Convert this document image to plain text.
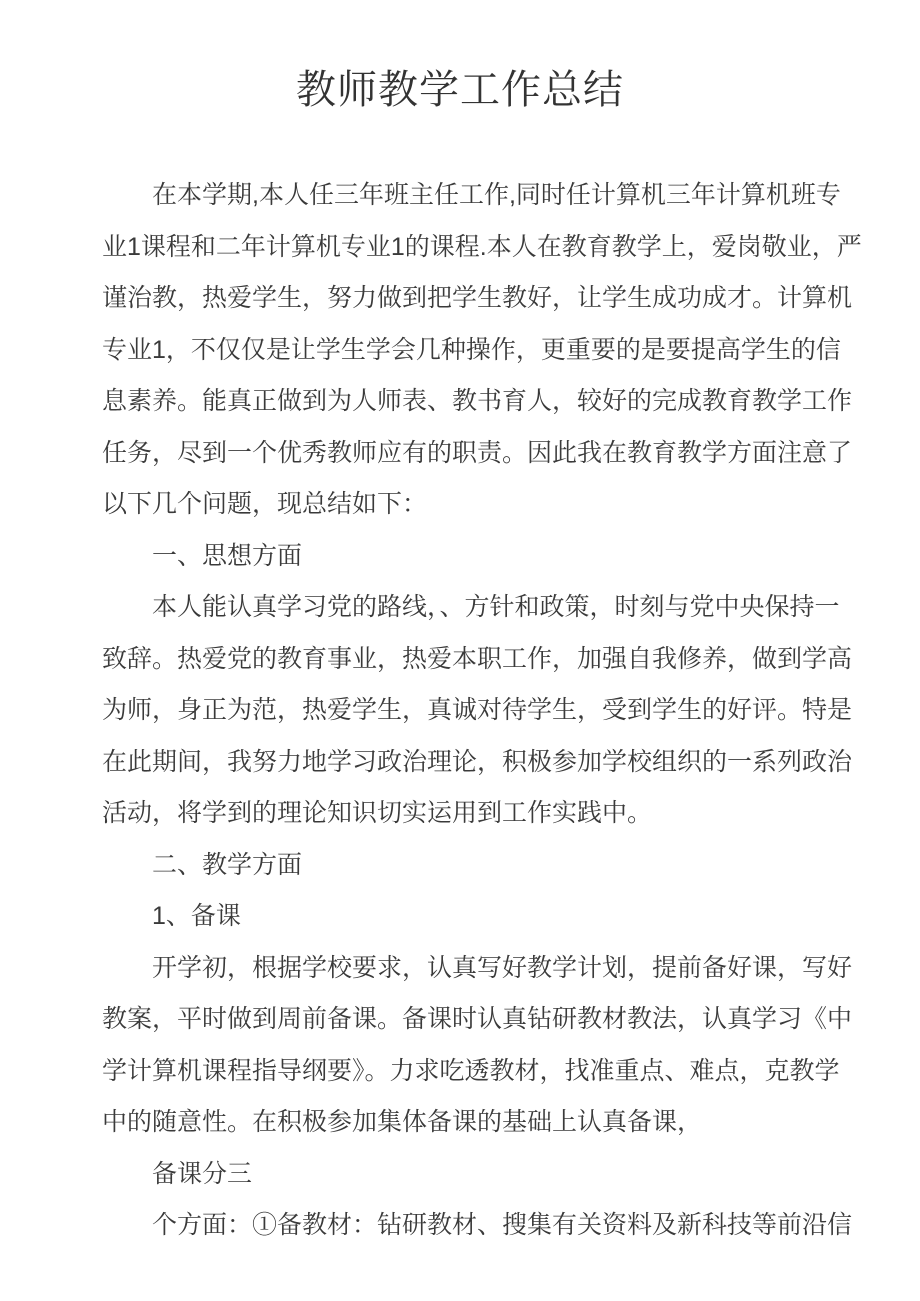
教师教学工作总结
　　在本学期,本人任三年班主任工作,同时任计算机三年计算机班专
业1课程和二年计算机专业1的课程.本人在教育教学上，爱岗敬业，严
谨治教，热爱学生，努力做到把学生教好，让学生成功成才。计算机
专业1，不仅仅是让学生学会几种操作，更重要的是要提高学生的信
息素养。能真正做到为人师表、教书育人，较好的完成教育教学工作
任务，尽到一个优秀教师应有的职责。因此我在教育教学方面注意了
以下几个问题，现总结如下：
　　一、思想方面
　　本人能认真学习党的路线，、方针和政策，时刻与党中央保持一
致辞。热爱党的教育事业，热爱本职工作，加强自我修养，做到学高
为师，身正为范，热爱学生，真诚对待学生，受到学生的好评。特是
在此期间，我努力地学习政治理论，积极参加学校组织的一系列政治
活动，将学到的理论知识切实运用到工作实践中。
　　二、教学方面
　　1、备课
　　开学初，根据学校要求，认真写好教学计划，提前备好课，写好
教案，平时做到周前备课。备课时认真钻研教材教法，认真学习《中
学计算机课程指导纲要》。力求吃透教材，找准重点、难点，克教学
中的随意性。在积极参加集体备课的基础上认真备课，
　　备课分三
　　个方面：①备教材：钻研教材、搜集有关资料及新科技等前沿信
